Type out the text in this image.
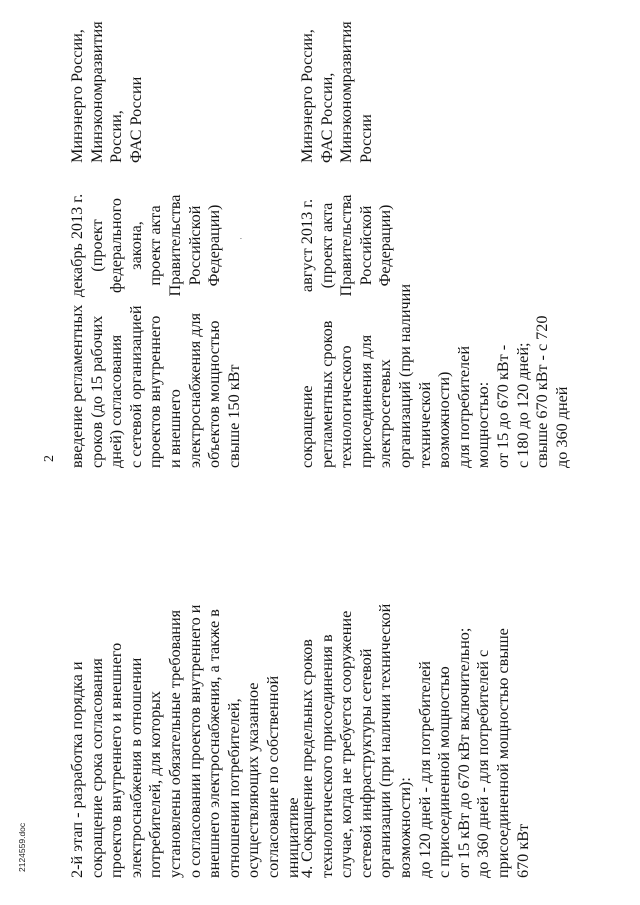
2
2-й этап - разработка порядка и сокращение срока согласования проектов внутреннего и внешнего электроснабжения в отношении потребителей, для которых установлены обязательные требования о согласовании проектов внутреннего и внешнего электроснабжения, а также в отношении потребителей, осуществляющих указанное согласование по собственной инициативе
введение регламентных сроков (до 15 рабочих дней) согласования с сетевой организацией проектов внутреннего и внешнего электроснабжения для объектов мощностью свыше 150 кВт
·
декабрь 2013 г. (проект федерального закона, проект акта Правительства Российской Федерации)
Минэнерго России, Минэкономразвития России, ФАС России
4. Сокращение предельных сроков технологического присоединения в случае, когда не требуется сооружение сетевой инфраструктуры сетевой организации (при наличии технической возможности): до 120 дней - для потребителей с присоединенной мощностью от 15 кВт до 670 кВт включительно; до 360 дней - для потребителей с присоединенной мощностью свыше 670 кВт
сокращение регламентных сроков технологического присоединения для электросетевых организаций (при наличии технической возможности) для потребителей мощностью: от 15 до 670 кВт - с 180 до 120 дней; свыше 670 кВт - с 720 до 360 дней
август 2013 г. (проект акта Правительства Российской Федерации)
Минэнерго России, ФАС России, Минэкономразвития России
2124559.doc
